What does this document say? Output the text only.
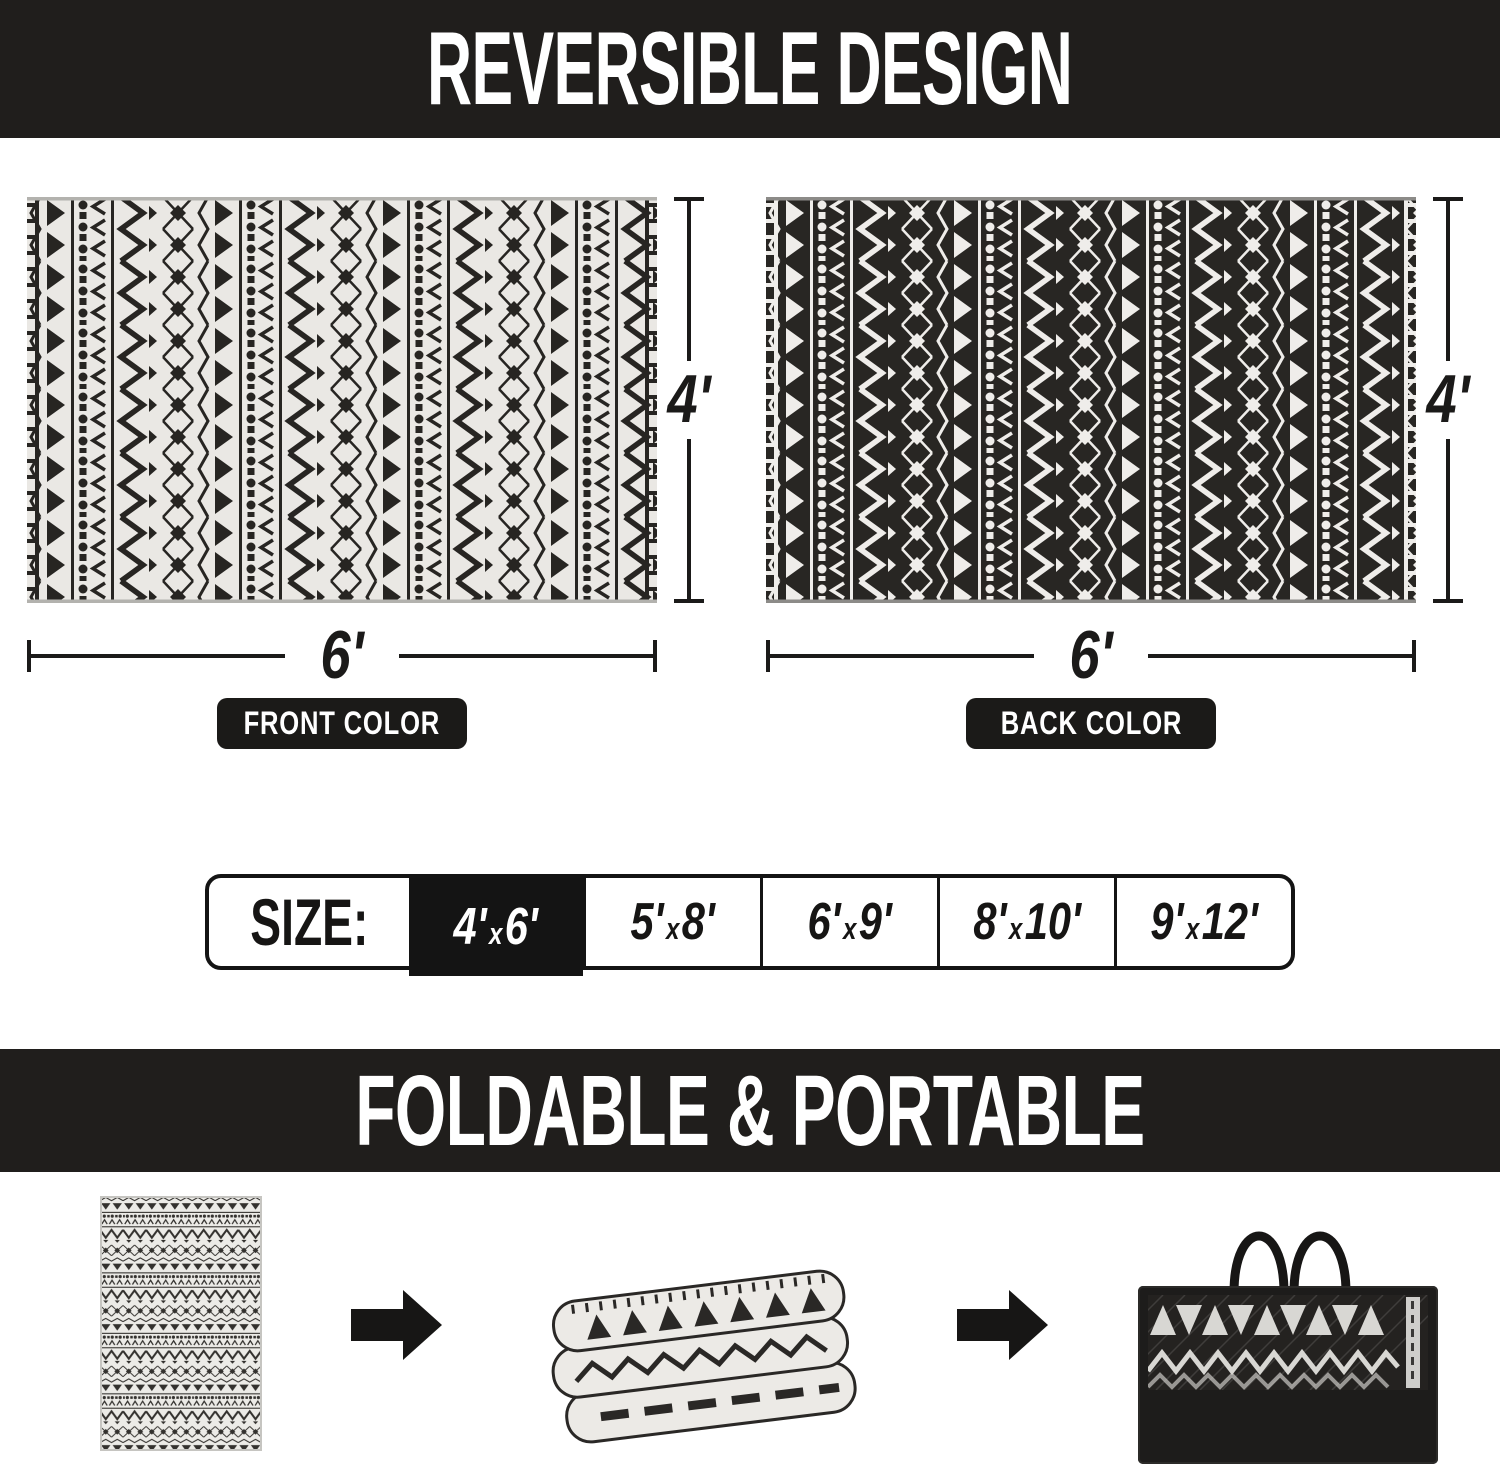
REVERSIBLE DESIGN
4'
6'
FRONT COLOR
4'
6'
BACK COLOR
SIZE: 4'x6' 5'x8' 6'x9' 8'x10' 9'x12'
FOLDABLE & PORTABLE
